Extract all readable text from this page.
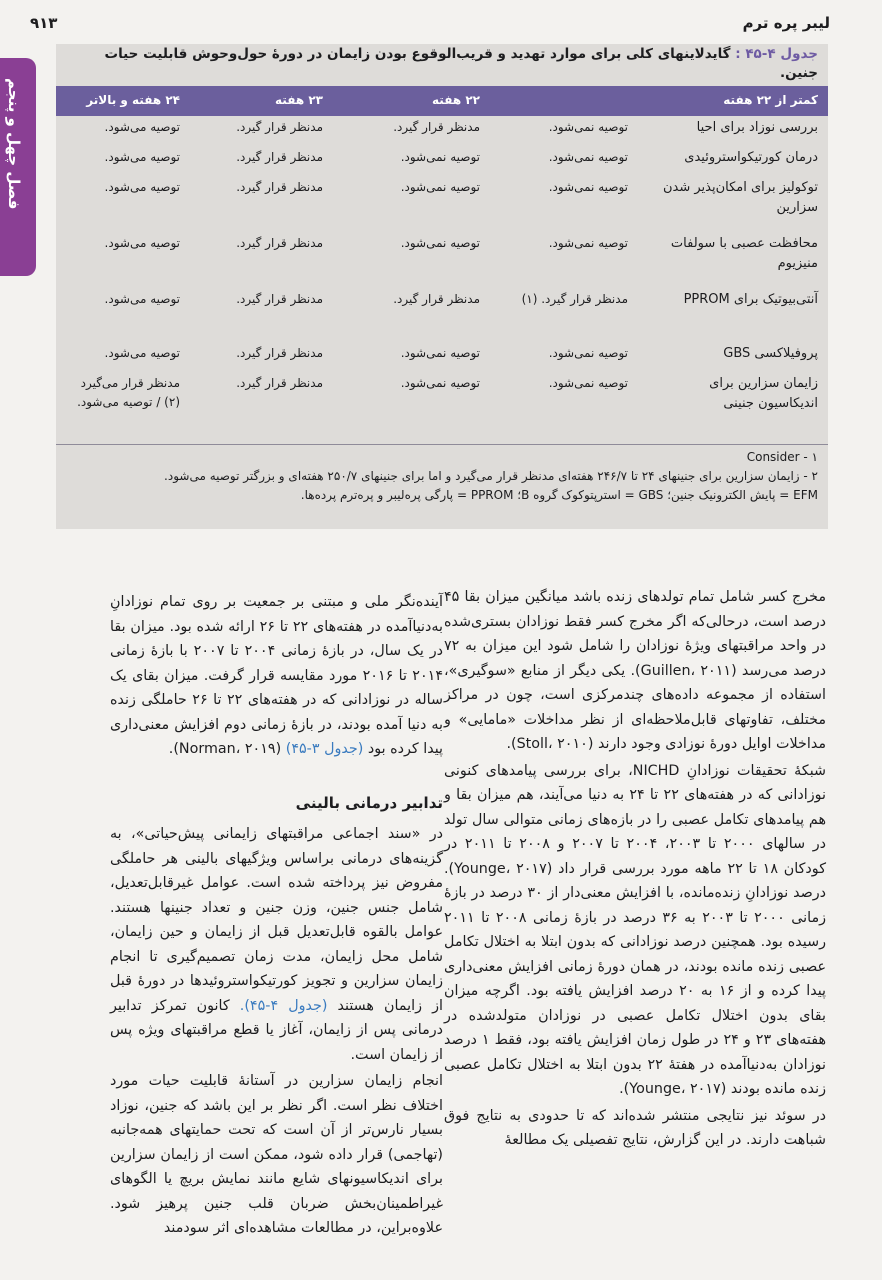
لیبر پره ترم
۹۱۳
فصل چهل و پنجم
جدول ۴-۴۵ : گایدلاینهای کلی برای موارد تهدید و قریب‌الوقوع بودن زایمان در دورهٔ حول‌وحوش قابلیت حیات جنین.
کمتر از ۲۲ هفته
۲۲ هفته
۲۳ هفته
۲۴ هفته و بالاتر
بررسی نوزاد برای احیا
توصیه نمی‌شود.
مدنظر قرار گیرد.
مدنظر قرار گیرد.
توصیه می‌شود.
درمان کورتیکواستروئیدی
توصیه نمی‌شود.
توصیه نمی‌شود.
مدنظر قرار گیرد.
توصیه می‌شود.
توکولیز برای امکان‌پذیر شدن سزارین
توصیه نمی‌شود.
توصیه نمی‌شود.
مدنظر قرار گیرد.
توصیه می‌شود.
محافظت عصبی با سولفات منیزیوم
توصیه نمی‌شود.
توصیه نمی‌شود.
مدنظر قرار گیرد.
توصیه می‌شود.
آنتی‌بیوتیک برای PPROM
مدنظر قرار گیرد. (۱)
مدنظر قرار گیرد.
مدنظر قرار گیرد.
توصیه می‌شود.
پروفیلاکسی GBS
توصیه نمی‌شود.
توصیه نمی‌شود.
مدنظر قرار گیرد.
توصیه می‌شود.
زایمان سزارین برای اندیکاسیون جنینی
توصیه نمی‌شود.
توصیه نمی‌شود.
مدنظر قرار گیرد.
مدنظر قرار می‌گیرد (۲) / توصیه می‌شود.
۱ - Consider
۲ - زایمان سزارین برای جنینهای ۲۴ تا ۲۴۶/۷ هفته‌ای مدنظر قرار می‌گیرد و اما برای جنینهای ۲۵۰/۷ هفته‌ای و بزرگتر توصیه می‌شود.
EFM = پایش الکترونیک جنین؛ GBS = استرپتوکوک گروه B؛ PPROM = پارگی پره‌لیبر و پره‌ترم پرده‌ها.

مخرج کسر شامل تمام تولدهای زنده باشد میانگین میزان بقا ۴۵ درصد است، درحالی‌که اگر مخرج کسر فقط نوزادان بستری‌شده در واحد مراقبتهای ویژهٔ نوزادان را شامل شود این میزان به ۷۲ درصد می‌رسد (Guillen، ۲۰۱۱). یکی دیگر از منابع «سوگیری»، استفاده از مجموعه داده‌های چندمرکزی است، چون در مراکز مختلف، تفاوتهای قابل‌ملاحظه‌ای از نظر مداخلات «مامایی» و مداخلات اوایل دورهٔ نوزادی وجود دارند (Stoll، ۲۰۱۰).

شبکهٔ تحقیقات نوزادانِ NICHD، برای بررسی پیامدهای کنونی نوزادانی که در هفته‌های ۲۲ تا ۲۴ به دنیا می‌آیند، هم میزان بقا و هم پیامدهای تکامل عصبی را در بازه‌های زمانی متوالی سال تولد در سالهای ۲۰۰۰ تا ۲۰۰۳، ۲۰۰۴ تا ۲۰۰۷ و ۲۰۰۸ تا ۲۰۱۱ در کودکان ۱۸ تا ۲۲ ماهه مورد بررسی قرار داد (Younge، ۲۰۱۷). درصد نوزادانِ زنده‌مانده، با افزایش معنی‌دار از ۳۰ درصد در بازهٔ زمانی ۲۰۰۰ تا ۲۰۰۳ به ۳۶ درصد در بازهٔ زمانی ۲۰۰۸ تا ۲۰۱۱ رسیده بود. همچنین درصد نوزادانی که بدون ابتلا به اختلال تکامل عصبی زنده مانده بودند، در همان دورهٔ زمانی افزایش معنی‌داری پیدا کرده و از ۱۶ به ۲۰ درصد افزایش یافته بود. اگرچه میزان بقای بدون اختلال تکامل عصبی در نوزادان متولدشده در هفته‌های ۲۳ و ۲۴ در طول زمان افزایش یافته بود، فقط ۱ درصد نوزادان به‌دنیاآمده در هفتهٔ ۲۲ بدون ابتلا به اختلال تکامل عصبی زنده مانده بودند (Younge، ۲۰۱۷).

در سوئد نیز نتایجی منتشر شده‌اند که تا حدودی به نتایج فوق شباهت دارند. در این گزارش، نتایج تفصیلی یک مطالعهٔ

آینده‌نگر ملی و مبتنی بر جمعیت بر روی تمام نوزادانِ به‌دنیاآمده در هفته‌های ۲۲ تا ۲۶ ارائه شده بود. میزان بقا در یک سال، در بازهٔ زمانی ۲۰۰۴ تا ۲۰۰۷ با بازهٔ زمانی ۲۰۱۴ تا ۲۰۱۶ مورد مقایسه قرار گرفت. میزان بقای یک ساله در نوزادانی که در هفته‌های ۲۲ تا ۲۶ حاملگی زنده به دنیا آمده بودند، در بازهٔ زمانی دوم افزایش معنی‌داری پیدا کرده بود (جدول ۳-۴۵) (Norman، ۲۰۱۹).

تدابیر درمانی بالینی

در «سند اجماعی مراقبتهای زایمانی پیش‌حیاتی»، به گزینه‌های درمانی براساس ویژگیهای بالینی هر حاملگی مفروض نیز پرداخته شده است. عوامل غیرقابل‌تعدیل، شامل جنس جنین، وزن جنین و تعداد جنینها هستند. عوامل بالقوه قابل‌تعدیل قبل از زایمان و حین زایمان، شامل محل زایمان، مدت زمان تصمیم‌گیری تا انجام زایمان سزارین و تجویز کورتیکواستروئیدها در دورهٔ قبل از زایمان هستند (جدول ۴-۴۵). کانون تمرکز تدابیر درمانی پس از زایمان، آغاز یا قطع مراقبتهای ویژه پس از زایمان است.

انجام زایمان سزارین در آستانهٔ قابلیت حیات مورد اختلاف نظر است. اگر نظر بر این باشد که جنین، نوزاد بسیار نارس‌تر از آن است که تحت حمایتهای همه‌جانبه (تهاجمی) قرار داده شود، ممکن است از زایمان سزارین برای اندیکاسیونهای شایع مانند نمایش بریچ یا الگوهای غیراطمینان‌بخش ضربان قلب جنین پرهیز شود. علاوه‌براین، در مطالعات مشاهده‌ای اثر سودمند
